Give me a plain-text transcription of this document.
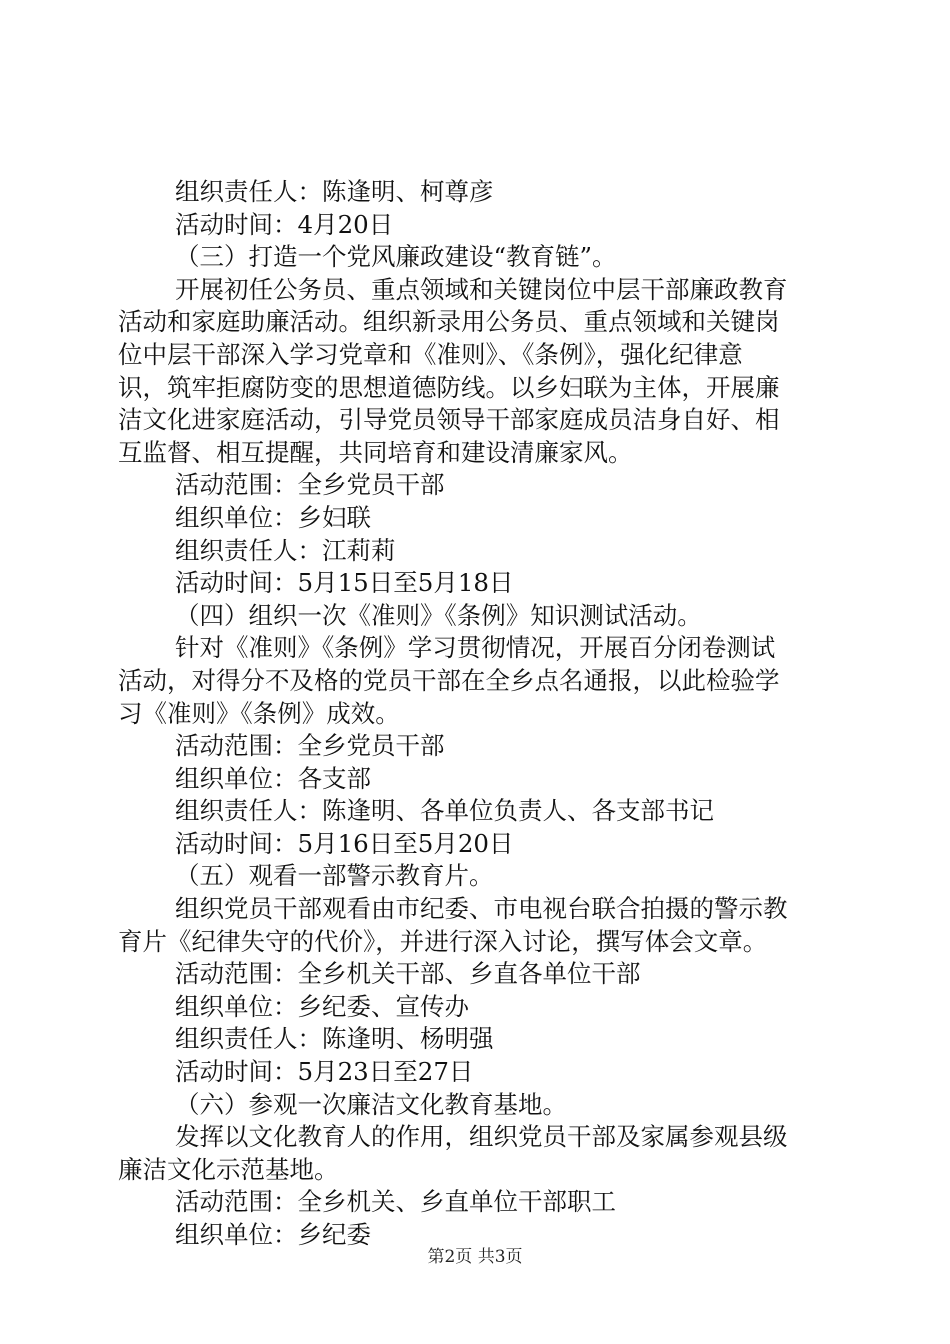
组织责任人：陈逢明、柯尊彦
活动时间：4月20日
（三）打造一个党风廉政建设“教育链”。
开展初任公务员、重点领域和关键岗位中层干部廉政教育
活动和家庭助廉活动。组织新录用公务员、重点领域和关键岗
位中层干部深入学习党章和《准则》、《条例》，强化纪律意
识，筑牢拒腐防变的思想道德防线。以乡妇联为主体，开展廉
洁文化进家庭活动，引导党员领导干部家庭成员洁身自好、相
互监督、相互提醒，共同培育和建设清廉家风。
活动范围：全乡党员干部
组织单位：乡妇联
组织责任人：江莉莉
活动时间：5月15日至5月18日
（四）组织一次《准则》《条例》知识测试活动。
针对《准则》《条例》学习贯彻情况，开展百分闭卷测试
活动，对得分不及格的党员干部在全乡点名通报，以此检验学
习《准则》《条例》成效。
活动范围：全乡党员干部
组织单位：各支部
组织责任人：陈逢明、各单位负责人、各支部书记
活动时间：5月16日至5月20日
（五）观看一部警示教育片。
组织党员干部观看由市纪委、市电视台联合拍摄的警示教
育片《纪律失守的代价》，并进行深入讨论，撰写体会文章。
活动范围：全乡机关干部、乡直各单位干部
组织单位：乡纪委、宣传办
组织责任人：陈逢明、杨明强
活动时间：5月23日至27日
（六）参观一次廉洁文化教育基地。
发挥以文化教育人的作用，组织党员干部及家属参观县级
廉洁文化示范基地。
活动范围：全乡机关、乡直单位干部职工
组织单位：乡纪委
第2页 共3页
